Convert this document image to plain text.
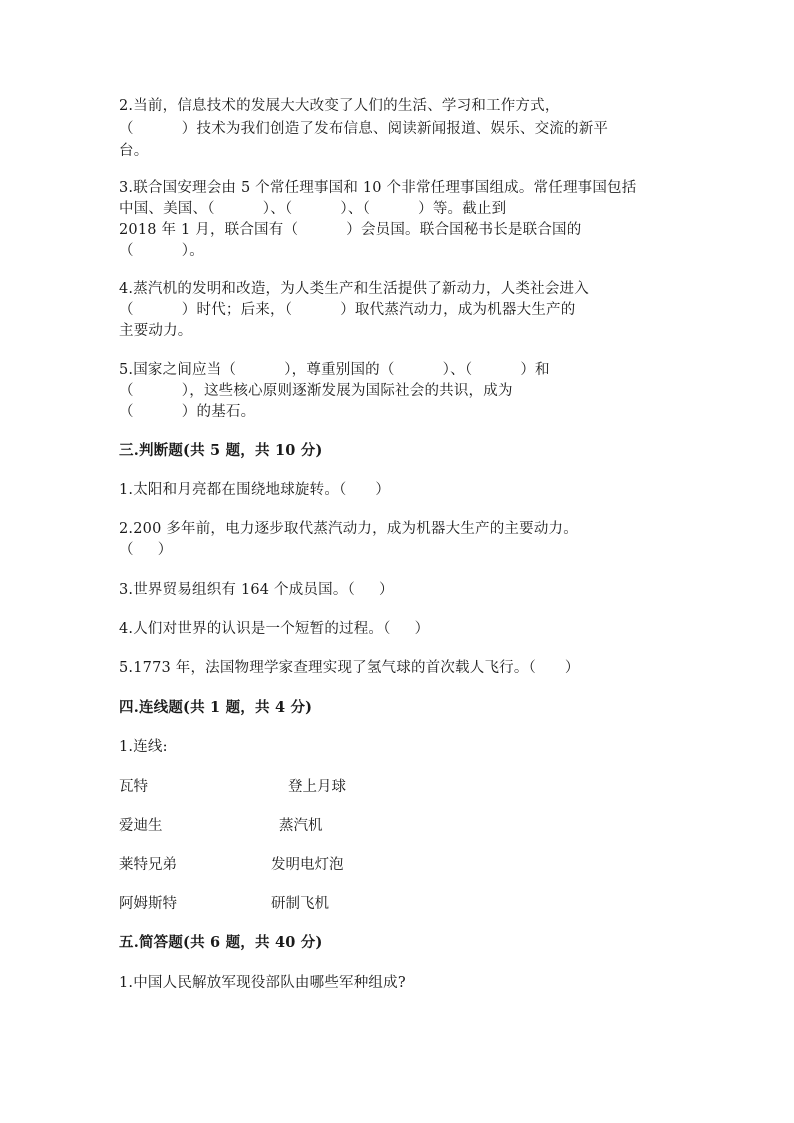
2.当前，信息技术的发展大大改变了人们的生活、学习和工作方式，
（          ）技术为我们创造了发布信息、阅读新闻报道、娱乐、交流的新平
台。
3.联合国安理会由 5 个常任理事国和 10 个非常任理事国组成。常任理事国包括
中国、美国、（          ）、（          ）、（          ）等。截止到
2018 年 1 月，联合国有（          ）会员国。联合国秘书长是联合国的
（          ）。
4.蒸汽机的发明和改造，为人类生产和生活提供了新动力，人类社会进入
（          ）时代；后来，（          ）取代蒸汽动力，成为机器大生产的
主要动力。
5.国家之间应当（          ），尊重别国的（          ）、（          ）和
（          ），这些核心原则逐渐发展为国际社会的共识，成为
（          ）的基石。
三.判断题(共 5 题，共 10 分)
1.太阳和月亮都在围绕地球旋转。（      ）
2.200 多年前，电力逐步取代蒸汽动力，成为机器大生产的主要动力。
（     ）
3.世界贸易组织有 164 个成员国。（     ）
4.人们对世界的认识是一个短暂的过程。（     ）
5.1773 年，法国物理学家查理实现了氢气球的首次载人飞行。（      ）
四.连线题(共 1 题，共 4 分)
1.连线:
瓦特	登上月球
爱迪生	蒸汽机
莱特兄弟	发明电灯泡
阿姆斯特	研制飞机
五.简答题(共 6 题，共 40 分)
1.中国人民解放军现役部队由哪些军种组成?
